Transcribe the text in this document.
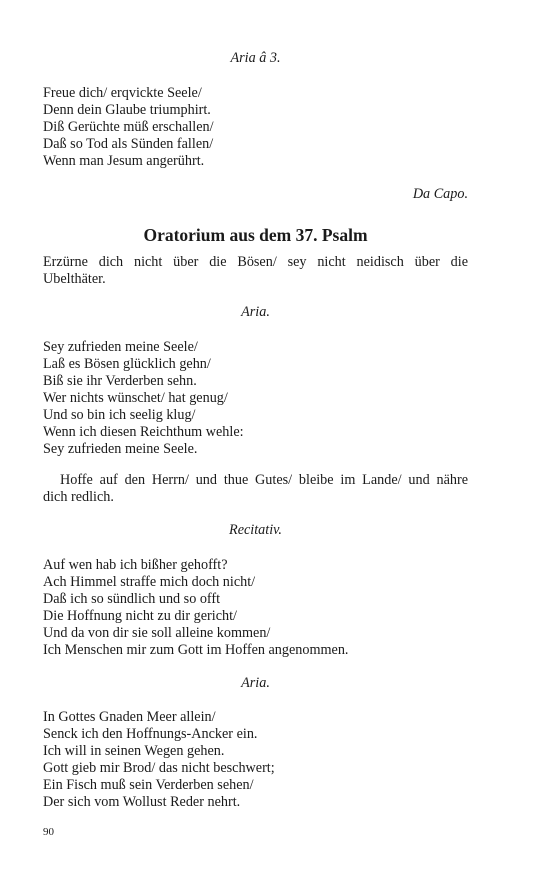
Aria â 3.
Freue dich/ erqvickte Seele/
Denn dein Glaube triumphirt.
Diß Gerüchte müß erschallen/
Daß so Tod als Sünden fallen/
Wenn man Jesum angerührt.
Da Capo.
Oratorium aus dem 37. Psalm
Erzürne dich nicht über die Bösen/ sey nicht neidisch über die
Ubelthäter.
Aria.
Sey zufrieden meine Seele/
Laß es Bösen glücklich gehn/
Biß sie ihr Verderben sehn.
Wer nichts wünschet/ hat genug/
Und so bin ich seelig klug/
Wenn ich diesen Reichthum wehle:
Sey zufrieden meine Seele.
Hoffe auf den Herrn/ und thue Gutes/ bleibe im Lande/ und nähre
dich redlich.
Recitativ.
Auf wen hab ich bißher gehofft?
Ach Himmel straffe mich doch nicht/
Daß ich so sündlich und so offt
Die Hoffnung nicht zu dir gericht/
Und da von dir sie soll alleine kommen/
Ich Menschen mir zum Gott im Hoffen angenommen.
Aria.
In Gottes Gnaden Meer allein/
Senck ich den Hoffnungs-Ancker ein.
Ich will in seinen Wegen gehen.
Gott gieb mir Brod/ das nicht beschwert;
Ein Fisch muß sein Verderben sehen/
Der sich vom Wollust Reder nehrt.
90
